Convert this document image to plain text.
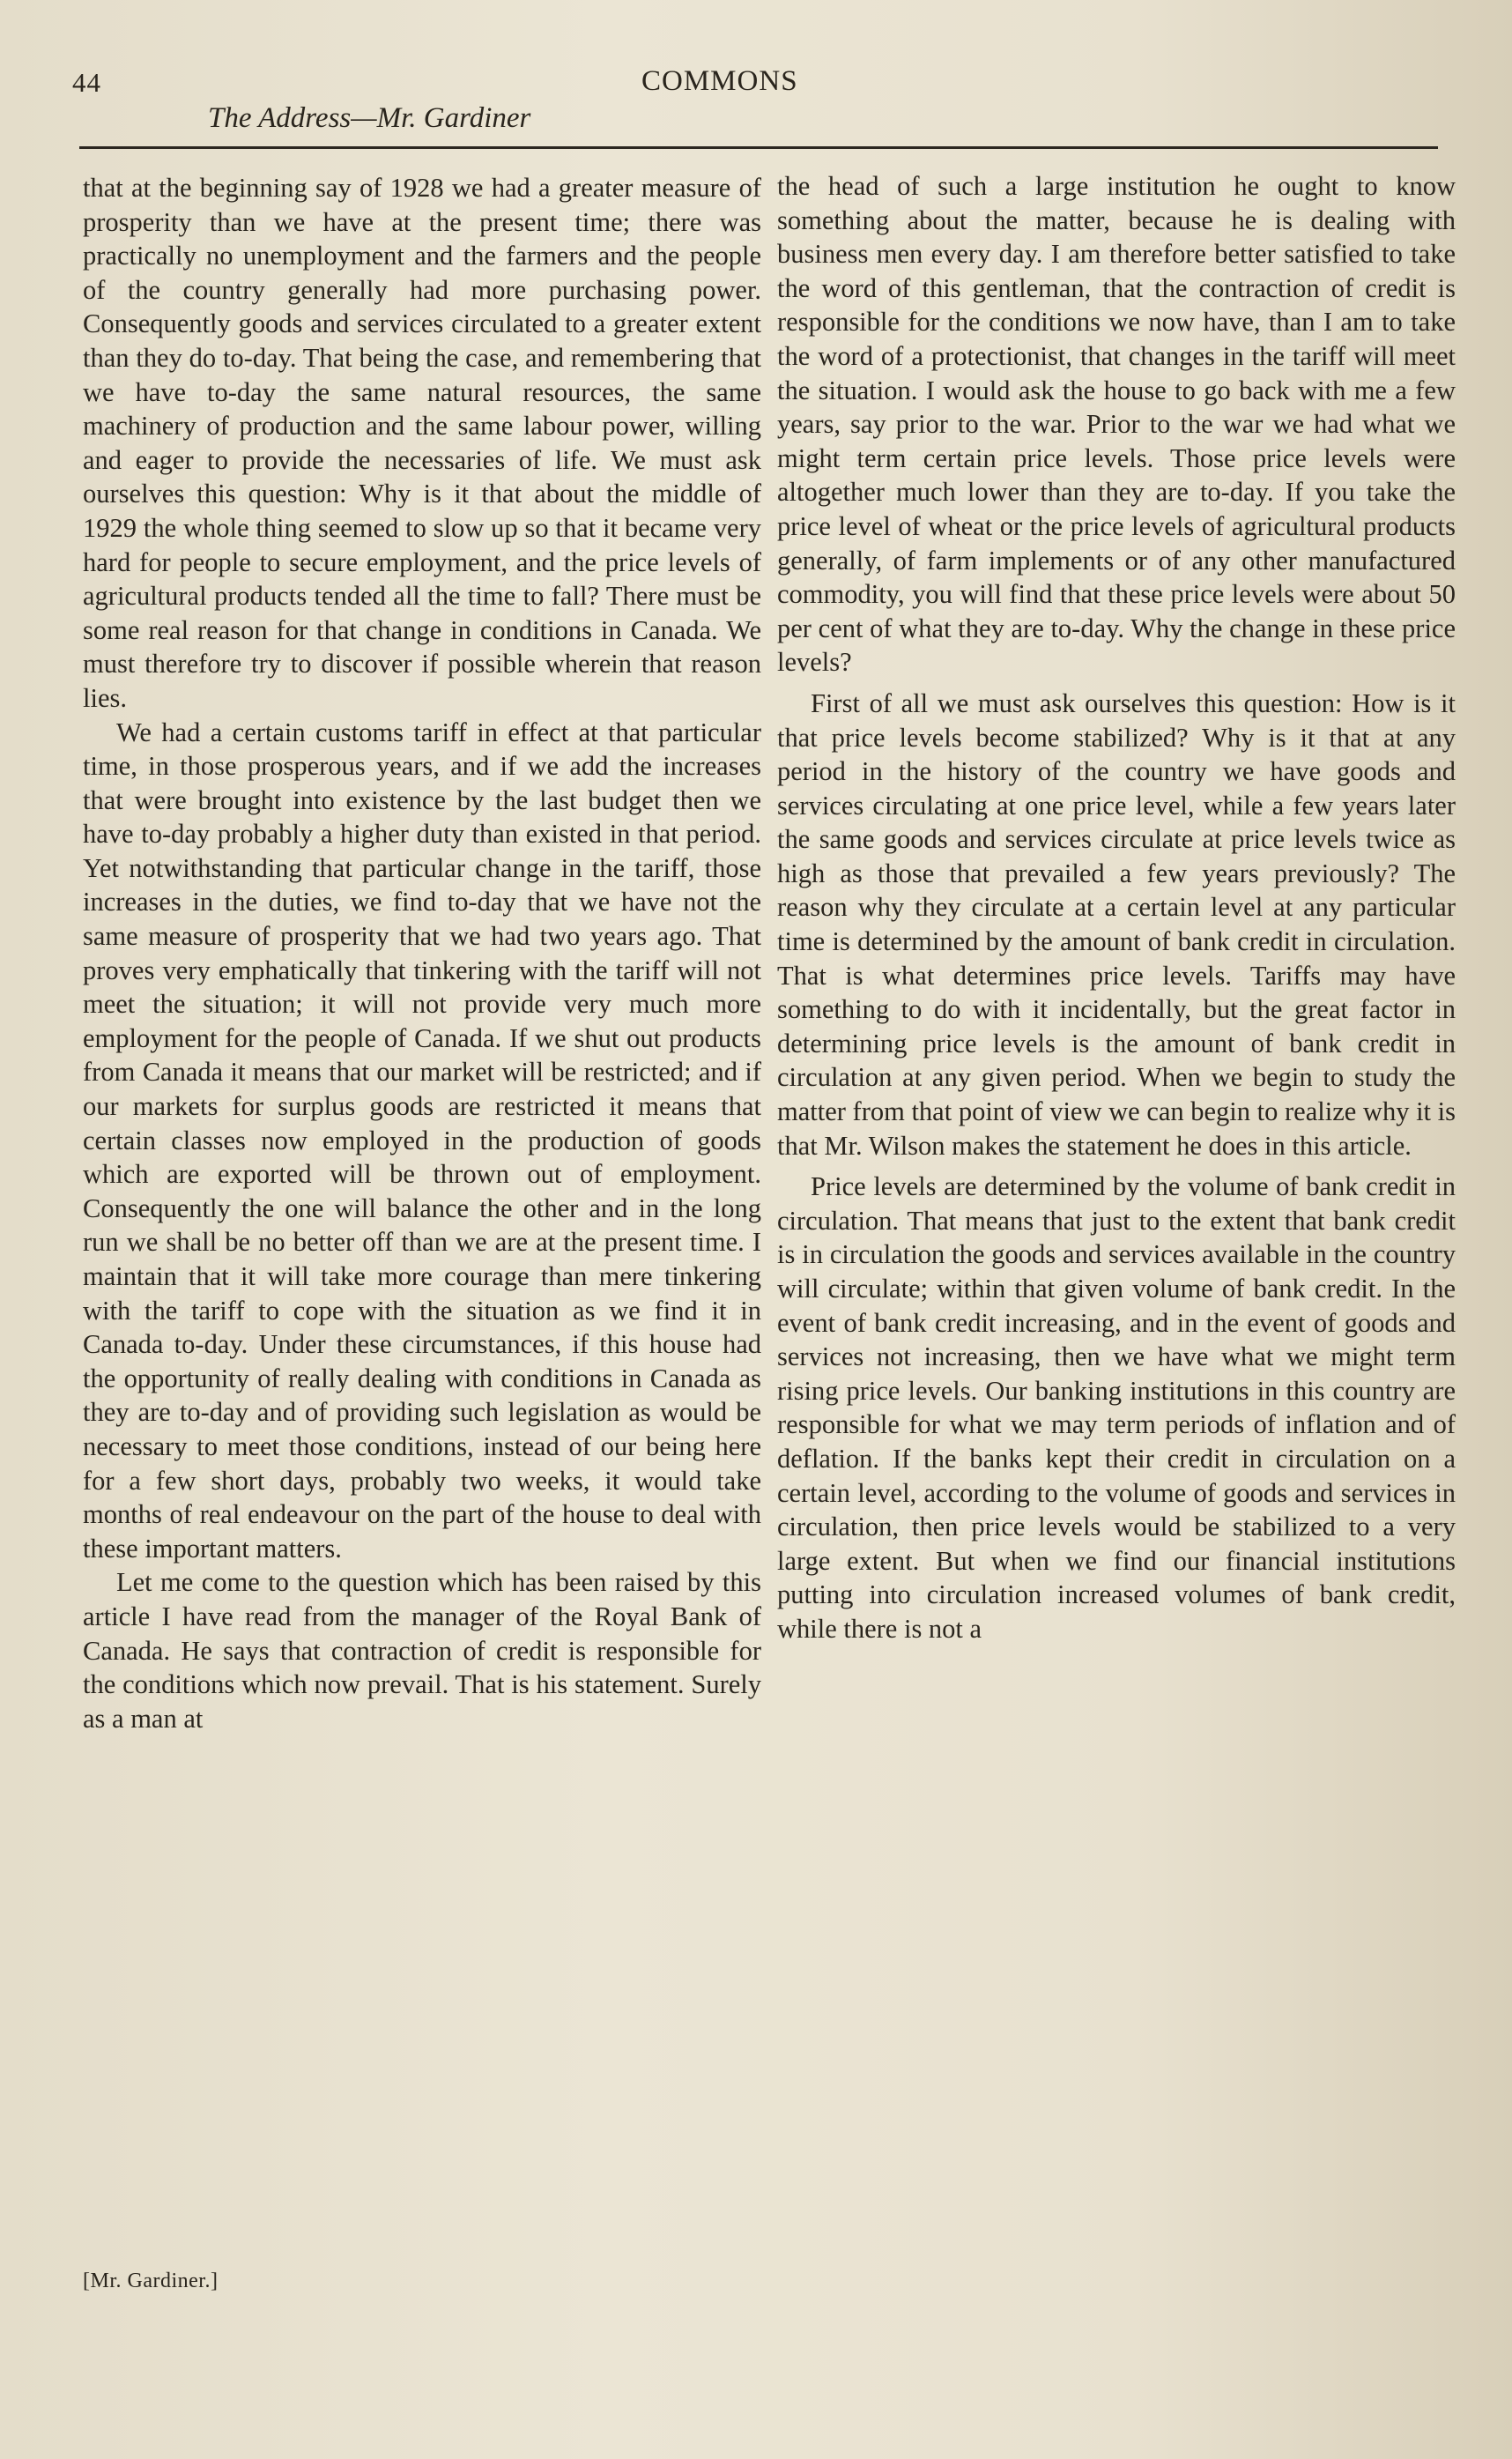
44	COMMONS
The Address—Mr. Gardiner

that at the beginning say of 1928 we had a greater measure of prosperity than we have at the present time; there was practically no unemployment and the farmers and the people of the country generally had more purchasing power. Consequently goods and services circulated to a greater extent than they do to-day. That being the case, and remembering that we have to-day the same natural resources, the same machinery of production and the same labour power, willing and eager to provide the necessaries of life. We must ask ourselves this question: Why is it that about the middle of 1929 the whole thing seemed to slow up so that it became very hard for people to secure employment, and the price levels of agricultural products tended all the time to fall? There must be some real reason for that change in conditions in Canada. We must therefore try to discover if possible wherein that reason lies.

We had a certain customs tariff in effect at that particular time, in those prosperous years, and if we add the increases that were brought into existence by the last budget then we have to-day probably a higher duty than existed in that period. Yet notwithstanding that particular change in the tariff, those increases in the duties, we find to-day that we have not the same measure of prosperity that we had two years ago. That proves very emphatically that tinkering with the tariff will not meet the situation; it will not provide very much more employment for the people of Canada. If we shut out products from Canada it means that our market will be restricted; and if our markets for surplus goods are restricted it means that certain classes now employed in the production of goods which are exported will be thrown out of employment. Consequently the one will balance the other and in the long run we shall be no better off than we are at the present time. I maintain that it will take more courage than mere tinkering with the tariff to cope with the situation as we find it in Canada to-day. Under these circumstances, if this house had the opportunity of really dealing with conditions in Canada as they are to-day and of providing such legislation as would be necessary to meet those conditions, instead of our being here for a few short days, probably two weeks, it would take months of real endeavour on the part of the house to deal with these important matters.

Let me come to the question which has been raised by this article I have read from the manager of the Royal Bank of Canada. He says that contraction of credit is responsible for the conditions which now prevail. That is his statement. Surely as a man at

the head of such a large institution he ought to know something about the matter, because he is dealing with business men every day. I am therefore better satisfied to take the word of this gentleman, that the contraction of credit is responsible for the conditions we now have, than I am to take the word of a protectionist, that changes in the tariff will meet the situation. I would ask the house to go back with me a few years, say prior to the war. Prior to the war we had what we might term certain price levels. Those price levels were altogether much lower than they are to-day. If you take the price level of wheat or the price levels of agricultural products generally, of farm implements or of any other manufactured commodity, you will find that these price levels were about 50 per cent of what they are to-day. Why the change in these price levels?

First of all we must ask ourselves this question: How is it that price levels become stabilized? Why is it that at any period in the history of the country we have goods and services circulating at one price level, while a few years later the same goods and services circulate at price levels twice as high as those that prevailed a few years previously? The reason why they circulate at a certain level at any particular time is determined by the amount of bank credit in circulation. That is what determines price levels. Tariffs may have something to do with it incidentally, but the great factor in determining price levels is the amount of bank credit in circulation at any given period. When we begin to study the matter from that point of view we can begin to realize why it is that Mr. Wilson makes the statement he does in this article.

Price levels are determined by the volume of bank credit in circulation. That means that just to the extent that bank credit is in circulation the goods and services available in the country will circulate; within that given volume of bank credit. In the event of bank credit increasing, and in the event of goods and services not increasing, then we have what we might term rising price levels. Our banking institutions in this country are responsible for what we may term periods of inflation and of deflation. If the banks kept their credit in circulation on a certain level, according to the volume of goods and services in circulation, then price levels would be stabilized to a very large extent. But when we find our financial institutions putting into circulation increased volumes of bank credit, while there is not a

[Mr. Gardiner.]
